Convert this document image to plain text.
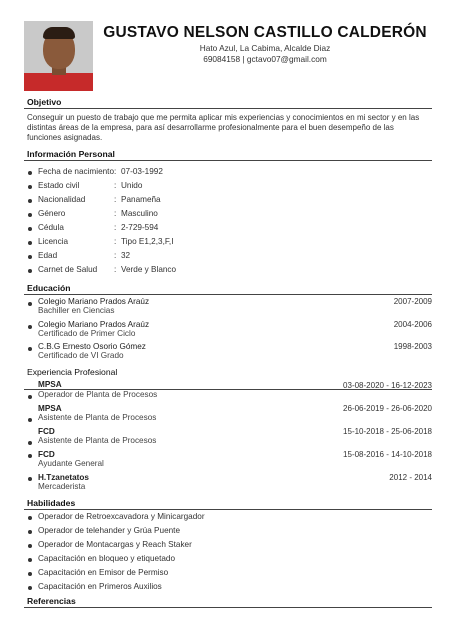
GUSTAVO NELSON CASTILLO CALDERÓN
Hato Azul, La Cabima, Alcalde Diaz
69084158 | gctavo07@gmail.com
Objetivo
Conseguir un puesto de trabajo que me permita aplicar mis experiencias y conocimientos en mi sector y en las distintas áreas de la empresa, para así desarrollarme profesionalmente para el buen desempeño de las funciones asignadas.
Información Personal
Fecha de nacimiento : 07-03-1992
Estado civil	: Unido
Nacionalidad	: Panameña
Género	: Masculino
Cédula	: 2-729-594
Licencia	: Tipo E1,2,3,F,I
Edad	: 32
Carnet de Salud : Verde y Blanco
Educación
Colegio Mariano Prados Araúz
Bachiller en Ciencias
2007-2009
Colegio Mariano Prados Araúz
Certificado de Primer Ciclo
2004-2006
C.B.G Ernesto Osorio Gómez
Certificado de VI Grado
1998-2003
Experiencia Profesional
MPSA
Operador de Planta de Procesos
03-08-2020 - 16-12-2023
MPSA
Asistente de Planta de Procesos
26-06-2019 - 26-06-2020
FCD
Asistente de Planta de Procesos
15-10-2018 - 25-06-2018
FCD
Ayudante General
15-08-2016 - 14-10-2018
H.Tzanetatos
Mercaderista
2012 - 2014
Habilidades
Operador de Retroexcavadora y Minicargador
Operador de telehander y Grúa Puente
Operador de Montacargas y Reach Staker
Capacitación en bloqueo y etiquetado
Capacitación en Emisor de Permiso
Capacitación en Primeros Auxilios
Referencias
